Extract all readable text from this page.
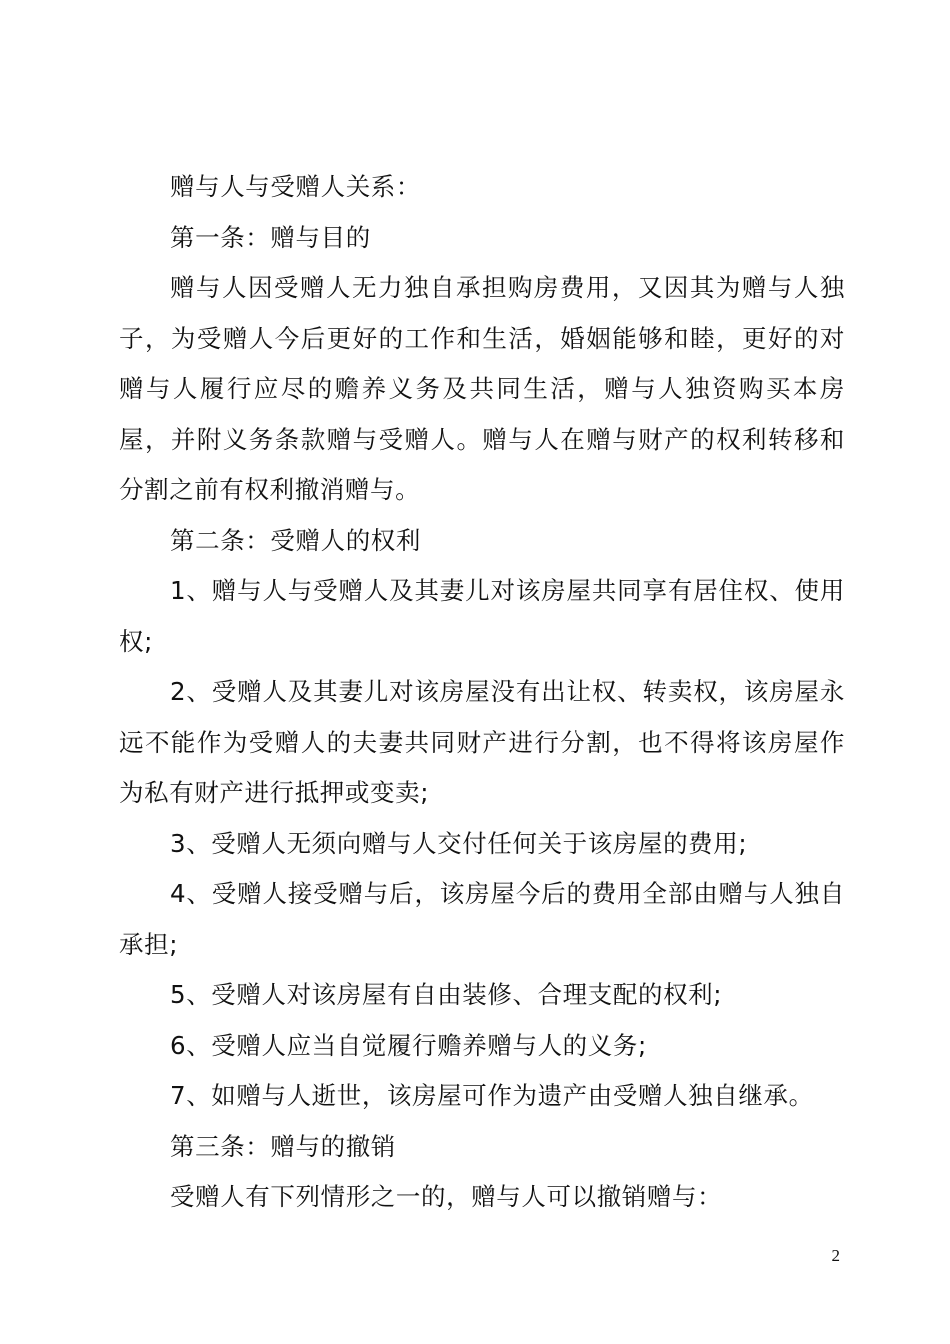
赠与人与受赠人关系：

第一条：赠与目的

赠与人因受赠人无力独自承担购房费用，又因其为赠与人独子，为受赠人今后更好的工作和生活，婚姻能够和睦，更好的对赠与人履行应尽的赡养义务及共同生活，赠与人独资购买本房屋，并附义务条款赠与受赠人。赠与人在赠与财产的权利转移和分割之前有权利撤消赠与。

第二条：受赠人的权利

1、赠与人与受赠人及其妻儿对该房屋共同享有居住权、使用权;

2、受赠人及其妻儿对该房屋没有出让权、转卖权，该房屋永远不能作为受赠人的夫妻共同财产进行分割，也不得将该房屋作为私有财产进行抵押或变卖;

3、受赠人无须向赠与人交付任何关于该房屋的费用;

4、受赠人接受赠与后，该房屋今后的费用全部由赠与人独自承担;

5、受赠人对该房屋有自由装修、合理支配的权利;

6、受赠人应当自觉履行赡养赠与人的义务;

7、如赠与人逝世，该房屋可作为遗产由受赠人独自继承。

第三条：赠与的撤销

受赠人有下列情形之一的，赠与人可以撤销赠与：

2
